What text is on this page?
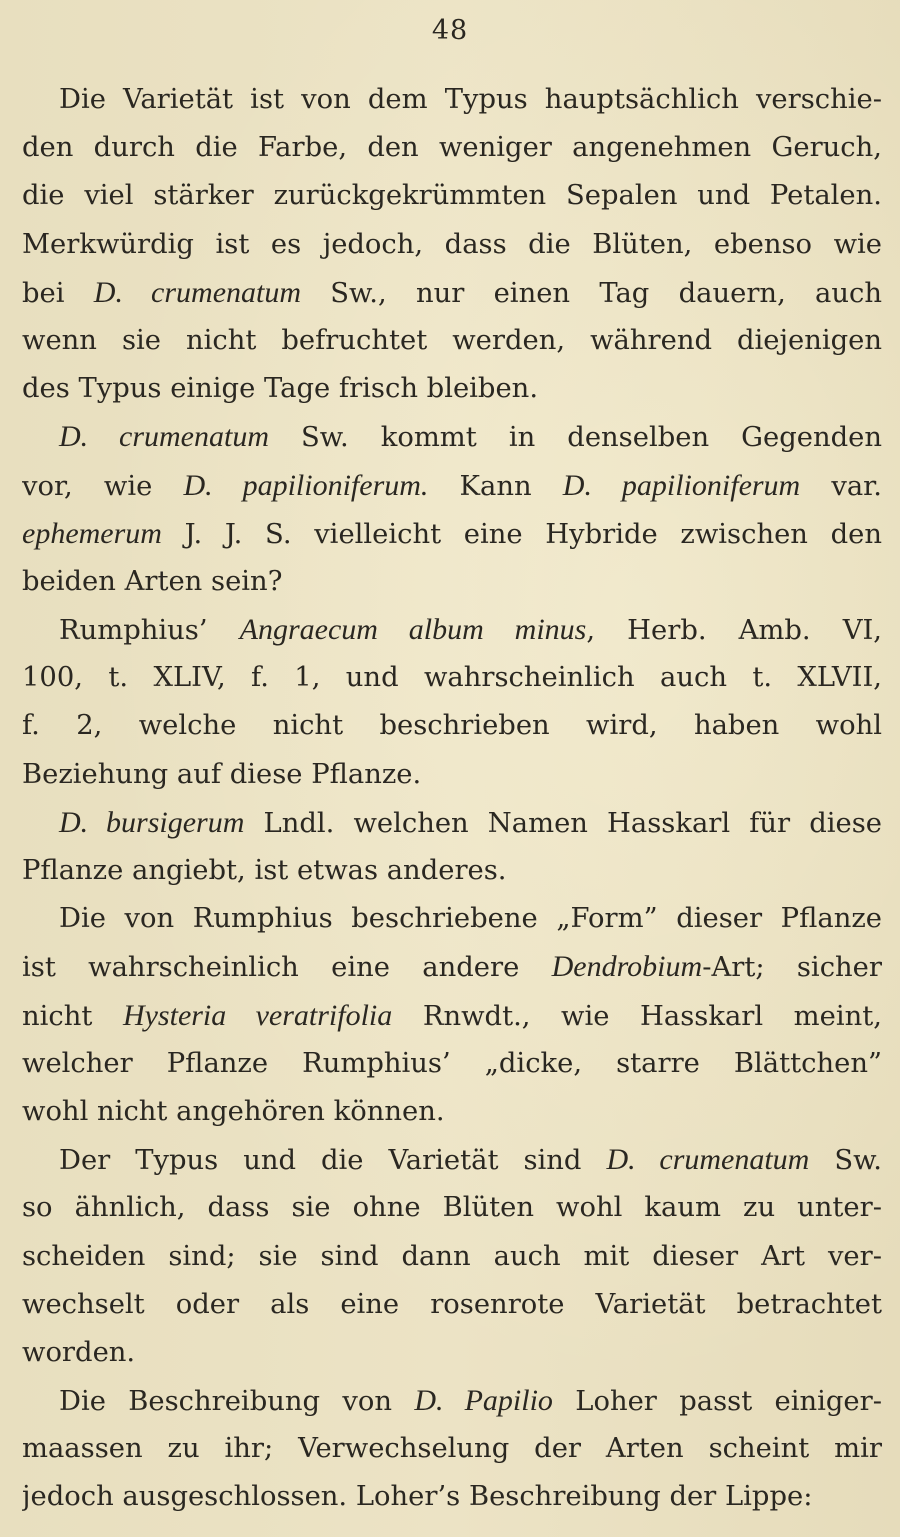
48
Die Varietät ist von dem Typus hauptsächlich verschie-
den durch die Farbe, den weniger angenehmen Geruch,
die viel stärker zurückgekrümmten Sepalen und Petalen.
Merkwürdig ist es jedoch, dass die Blüten, ebenso wie
bei D. crumenatum Sw., nur einen Tag dauern, auch
wenn sie nicht befruchtet werden, während diejenigen
des Typus einige Tage frisch bleiben.
D. crumenatum Sw. kommt in denselben Gegenden
vor, wie D. papilioniferum. Kann D. papilioniferum var.
ephemerum J. J. S. vielleicht eine Hybride zwischen den
beiden Arten sein?
Rumphius’ Angraecum album minus, Herb. Amb. VI,
100, t. XLIV, f. 1, und wahrscheinlich auch t. XLVII,
f. 2, welche nicht beschrieben wird, haben wohl
Beziehung auf diese Pflanze.
D. bursigerum Lndl. welchen Namen Hasskarl für diese
Pflanze angiebt, ist etwas anderes.
Die von Rumphius beschriebene „Form” dieser Pflanze
ist wahrscheinlich eine andere Dendrobium-Art; sicher
nicht Hysteria veratrifolia Rnwdt., wie Hasskarl meint,
welcher Pflanze Rumphius’ „dicke, starre Blättchen”
wohl nicht angehören können.
Der Typus und die Varietät sind D. crumenatum Sw.
so ähnlich, dass sie ohne Blüten wohl kaum zu unter-
scheiden sind; sie sind dann auch mit dieser Art ver-
wechselt oder als eine rosenrote Varietät betrachtet
worden.
Die Beschreibung von D. Papilio Loher passt einiger-
maassen zu ihr; Verwechselung der Arten scheint mir
jedoch ausgeschlossen. Loher’s Beschreibung der Lippe:
